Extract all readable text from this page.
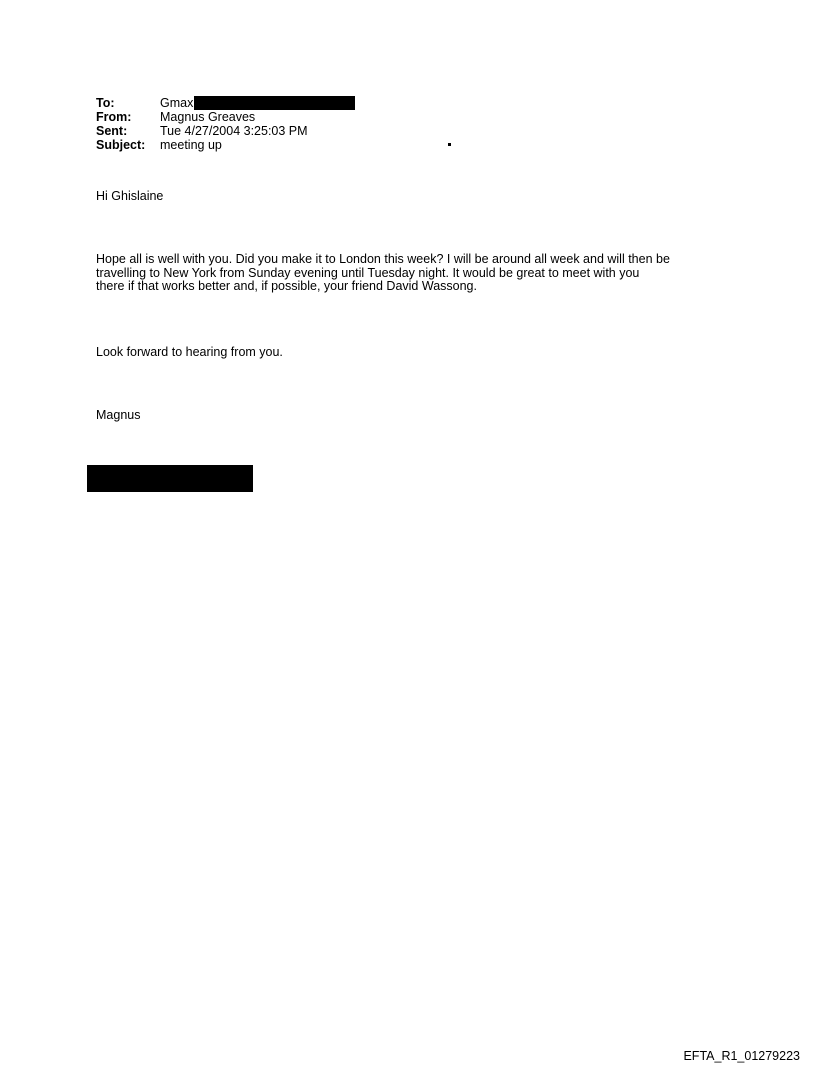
To:	Gmax
From:	Magnus Greaves
Sent:	Tue 4/27/2004 3:25:03 PM
Subject:	meeting up
Hi Ghislaine
Hope all is well with you. Did you make it to London this week? I will be around all week and will then be
travelling to New York from Sunday evening until Tuesday night. It would be great to meet with you
there if that works better and, if possible, your friend David Wassong.
Look forward to hearing from you.
Magnus
EFTA_R1_01279223
